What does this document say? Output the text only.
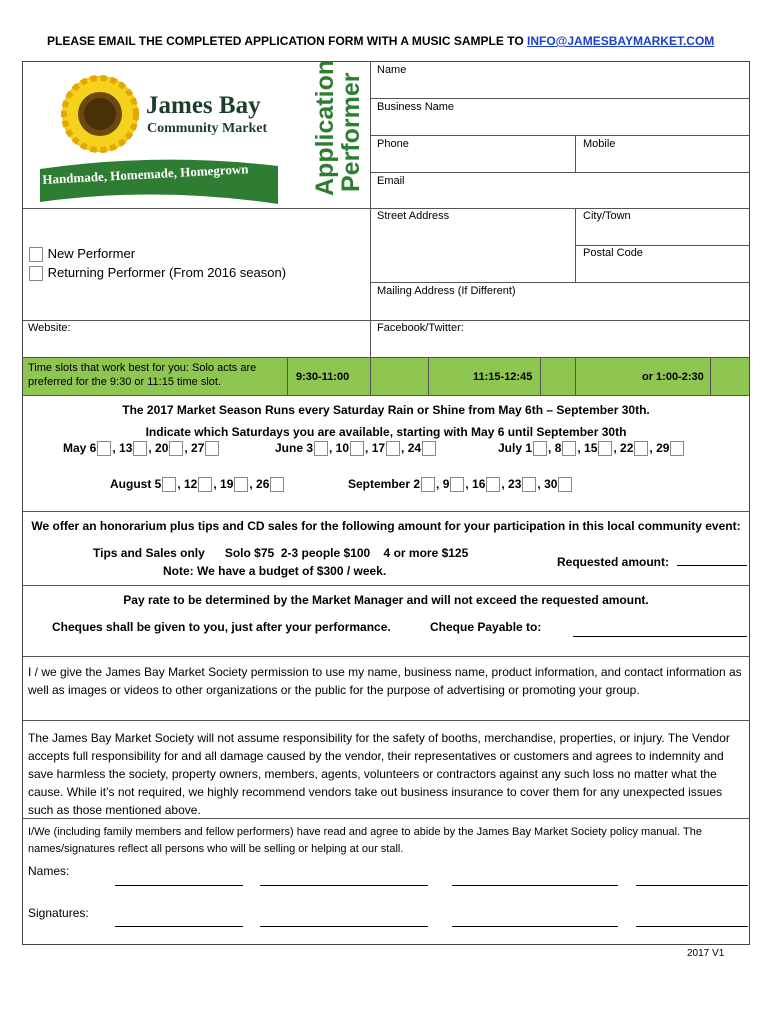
PLEASE EMAIL THE COMPLETED APPLICATION FORM WITH A MUSIC SAMPLE TO INFO@JAMESBAYMARKET.COM
James Bay
Community Market
Handmade, Homemade, Homegrown	Performer
Application	Name
Business Name
Phone	Mobile
Email
Street Address	City/Town
Postal Code
Mailing Address (If Different)
Website:	Facebook/Twitter:
New Performer
Returning Performer (From 2016 season)
Time slots that work best for you: Solo acts are preferred for the 9:30 or 11:15 time slot.	9:30-11:00	11:15-12:45	or 1:00-2:30
The 2017 Market Season Runs every Saturday Rain or Shine from May 6th – September 30th.
Indicate which Saturdays you are available, starting with May 6 until September 30th
May 6 , 13 , 20 , 27	June 3 , 10 , 17 , 24	July 1 , 8 , 15 , 22 , 29
August 5 , 12 , 19 , 26	September 2 , 9 , 16 , 23 , 30
We offer an honorarium plus tips and CD sales for the following amount for your participation in this local community event:
Tips and Sales only      Solo $75  2-3 people $100    4 or more $125
Note: We have a budget of $300 / week.
Requested amount:
Pay rate to be determined by the Market Manager and will not exceed the requested amount.
Cheques shall be given to you, just after your performance.	Cheque Payable to:
I / we give the James Bay Market Society permission to use my name, business name, product information, and contact information as well as images or videos to other organizations or the public for the purpose of advertising or promoting your group.
The James Bay Market Society will not assume responsibility for the safety of booths, merchandise, properties, or injury. The Vendor accepts full responsibility for and all damage caused by the vendor, their representatives or customers and agrees to indemnity and save harmless the society, property owners, members, agents, volunteers or contractors against any such loss no matter what the cause. While it’s not required, we highly recommend vendors take out business insurance to cover them for any unexpected issues such as those mentioned above.
I/We (including family members and fellow performers) have read and agree to abide by the James Bay Market Society policy manual. The names/signatures reflect all persons who will be selling or helping at our stall.
Names:
Signatures:
2017 V1
